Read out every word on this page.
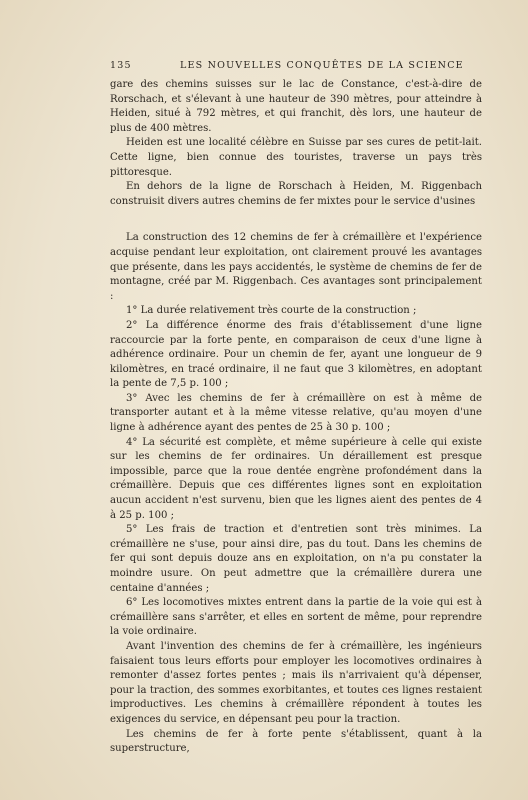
135	LES NOUVELLES CONQUÊTES DE LA SCIENCE

gare des chemins suisses sur le lac de Constance, c'est-à-dire de Rorschach, et s'élevant à une hauteur de 390 mètres, pour atteindre à Heiden, situé à 792 mètres, et qui franchit, dès lors, une hauteur de plus de 400 mètres.

Heiden est une localité célèbre en Suisse par ses cures de petit-lait. Cette ligne, bien connue des touristes, traverse un pays très pittoresque.

En dehors de la ligne de Rorschach à Heiden, M. Riggenbach construisit divers autres chemins de fer mixtes pour le service d'usines

La construction des 12 chemins de fer à crémaillère et l'expérience acquise pendant leur exploitation, ont clairement prouvé les avantages que présente, dans les pays accidentés, le système de chemins de fer de montagne, créé par M. Riggenbach. Ces avantages sont principalement :

1° La durée relativement très courte de la construction ;

2° La différence énorme des frais d'établissement d'une ligne raccourcie par la forte pente, en comparaison de ceux d'une ligne à adhérence ordinaire. Pour un chemin de fer, ayant une longueur de 9 kilomètres, en tracé ordinaire, il ne faut que 3 kilomètres, en adoptant la pente de 7,5 p. 100 ;

3° Avec les chemins de fer à crémaillère on est à même de transporter autant et à la même vitesse relative, qu'au moyen d'une ligne à adhérence ayant des pentes de 25 à 30 p. 100 ;

4° La sécurité est complète, et même supérieure à celle qui existe sur les chemins de fer ordinaires. Un déraillement est presque impossible, parce que la roue dentée engrène profondément dans la crémaillère. Depuis que ces différentes lignes sont en exploitation aucun accident n'est survenu, bien que les lignes aient des pentes de 4 à 25 p. 100 ;

5° Les frais de traction et d'entretien sont très minimes. La crémaillère ne s'use, pour ainsi dire, pas du tout. Dans les chemins de fer qui sont depuis douze ans en exploitation, on n'a pu constater la moindre usure. On peut admettre que la crémaillère durera une centaine d'années ;

6° Les locomotives mixtes entrent dans la partie de la voie qui est à crémaillère sans s'arrêter, et elles en sortent de même, pour reprendre la voie ordinaire.

Avant l'invention des chemins de fer à crémaillère, les ingénieurs faisaient tous leurs efforts pour employer les locomotives ordinaires à remonter d'assez fortes pentes ; mais ils n'arrivaient qu'à dépenser, pour la traction, des sommes exorbitantes, et toutes ces lignes restaient improductives. Les chemins à crémaillère répondent à toutes les exigences du service, en dépensant peu pour la traction.

Les chemins de fer à forte pente s'établissent, quant à la superstructure,
